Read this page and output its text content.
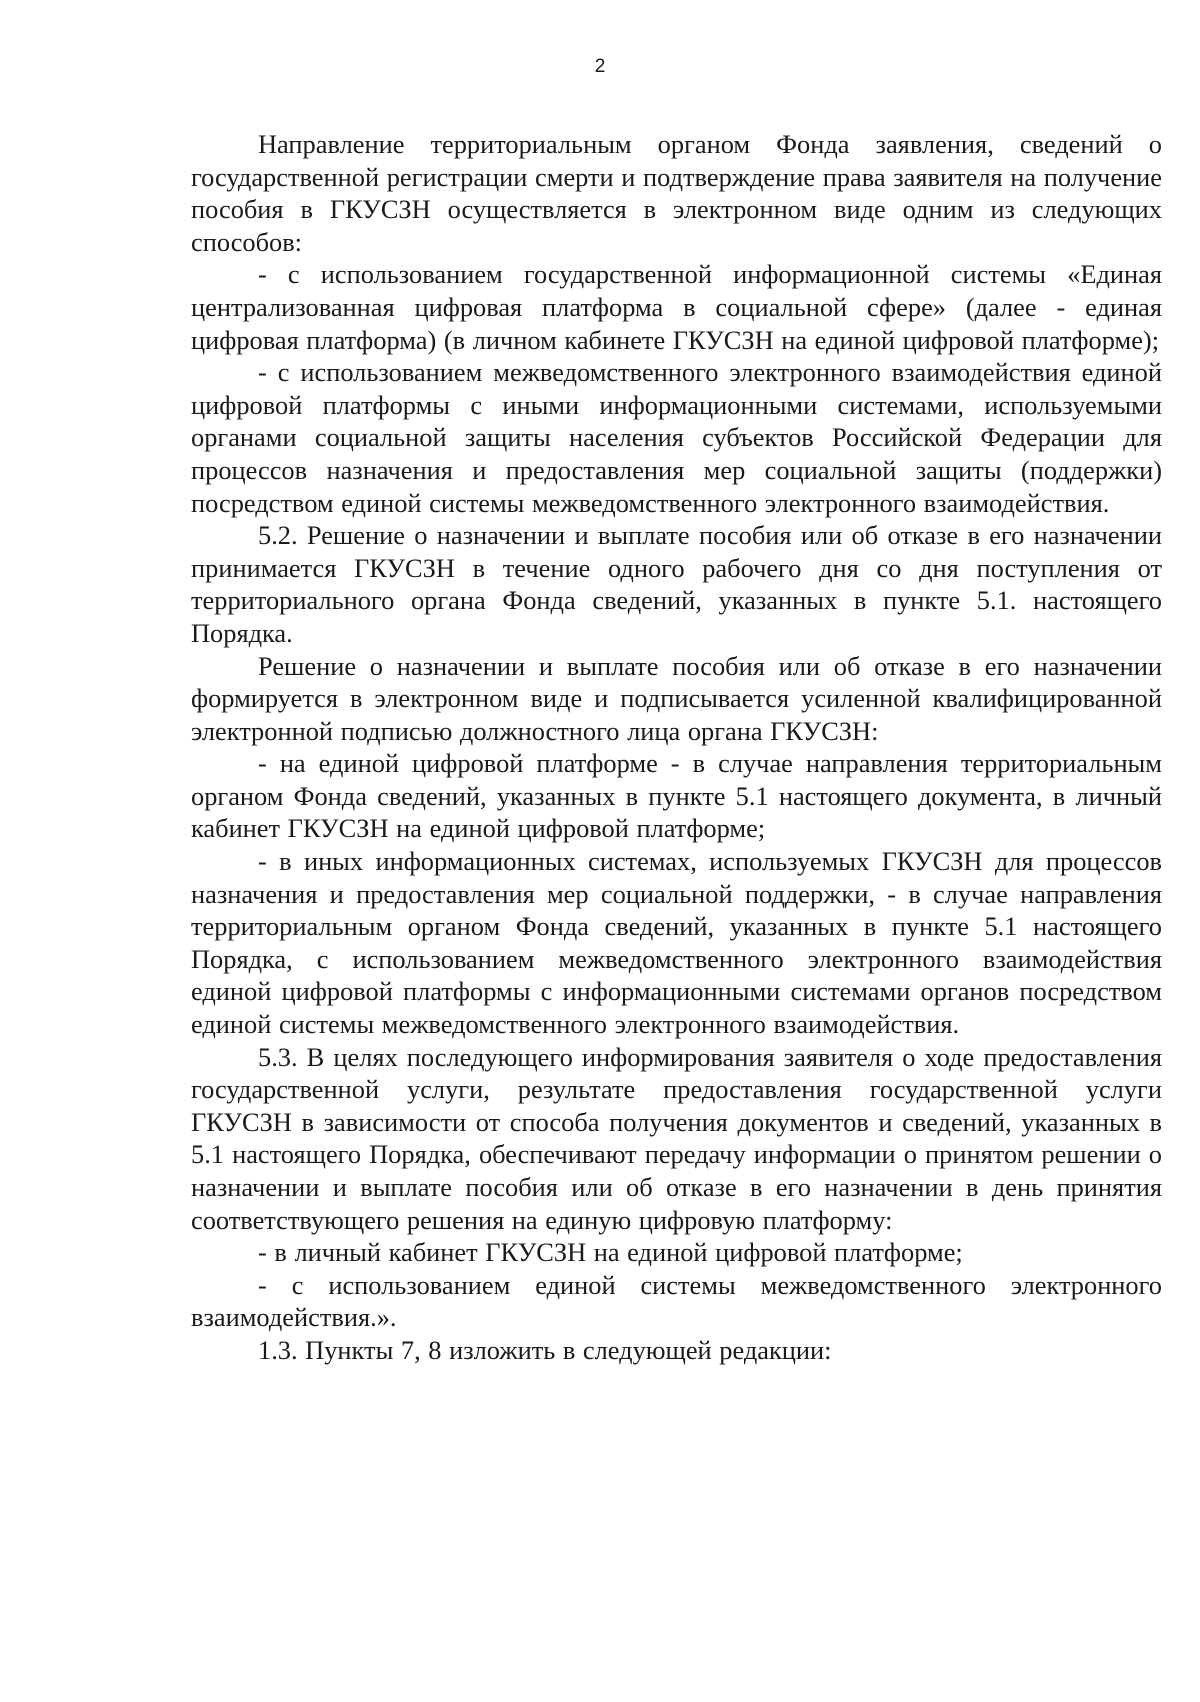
2

Направление территориальным органом Фонда заявления, сведений о государственной регистрации смерти и подтверждение права заявителя на получение пособия в ГКУСЗН осуществляется в электронном виде одним из следующих способов:

- с использованием государственной информационной системы «Единая централизованная цифровая платформа в социальной сфере» (далее - единая цифровая платформа) (в личном кабинете ГКУСЗН на единой цифровой платформе);

- с использованием межведомственного электронного взаимодействия единой цифровой платформы с иными информационными системами, используемыми органами социальной защиты населения субъектов Российской Федерации для процессов назначения и предоставления мер социальной защиты (поддержки) посредством единой системы межведомственного электронного взаимодействия.

5.2. Решение о назначении и выплате пособия или об отказе в его назначении принимается ГКУСЗН в течение одного рабочего дня со дня поступления от территориального органа Фонда сведений, указанных в пункте 5.1. настоящего Порядка.

Решение о назначении и выплате пособия или об отказе в его назначении формируется в электронном виде и подписывается усиленной квалифицированной электронной подписью должностного лица органа ГКУСЗН:

- на единой цифровой платформе - в случае направления территориальным органом Фонда сведений, указанных в пункте 5.1 настоящего документа, в личный кабинет ГКУСЗН на единой цифровой платформе;

- в иных информационных системах, используемых ГКУСЗН для процессов назначения и предоставления мер социальной поддержки, - в случае направления территориальным органом Фонда сведений, указанных в пункте 5.1 настоящего Порядка, с использованием межведомственного электронного взаимодействия единой цифровой платформы с информационными системами органов посредством единой системы межведомственного электронного взаимодействия.

5.3. В целях последующего информирования заявителя о ходе предоставления государственной услуги, результате предоставления государственной услуги ГКУСЗН в зависимости от способа получения документов и сведений, указанных в 5.1 настоящего Порядка, обеспечивают передачу информации о принятом решении о назначении и выплате пособия или об отказе в его назначении в день принятия соответствующего решения на единую цифровую платформу:

- в личный кабинет ГКУСЗН на единой цифровой платформе;

- с использованием единой системы межведомственного электронного взаимодействия.».

1.3. Пункты 7, 8 изложить в следующей редакции:
